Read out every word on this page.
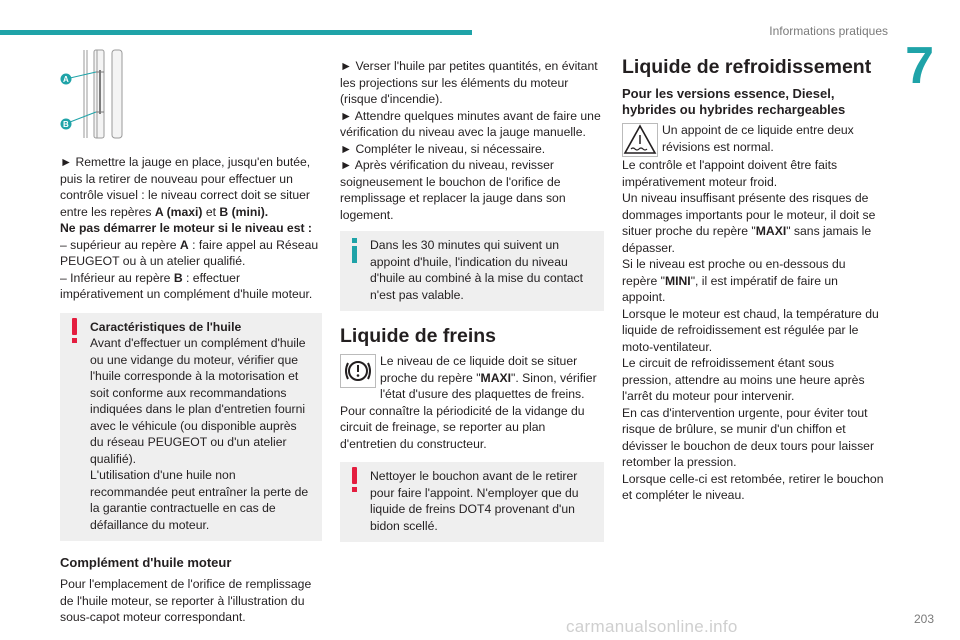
Informations pratiques
7
A
B

► Remettre la jauge en place, jusqu'en butée, puis la retirer de nouveau pour effectuer un contrôle visuel : le niveau correct doit se situer entre les repères A (maxi) et B (mini).

Ne pas démarrer le moteur si le niveau est :

– supérieur au repère A : faire appel au Réseau PEUGEOT ou à un atelier qualifié.

– Inférieur au repère B : effectuer impérativement un complément d'huile moteur.

Caractéristiques de l'huile
Avant d'effectuer un complément d'huile ou une vidange du moteur, vérifier que l'huile corresponde à la motorisation et soit conforme aux recommandations indiquées dans le plan d'entretien fourni avec le véhicule (ou disponible auprès du réseau PEUGEOT ou d'un atelier qualifié).
L'utilisation d'une huile non recommandée peut entraîner la perte de la garantie contractuelle en cas de défaillance du moteur.
Complément d'huile moteur

Pour l'emplacement de l'orifice de remplissage de l'huile moteur, se reporter à l'illustration du sous-capot moteur correspondant.

► Verser l'huile par petites quantités, en évitant les projections sur les éléments du moteur (risque d'incendie).

► Attendre quelques minutes avant de faire une vérification du niveau avec la jauge manuelle.

► Compléter le niveau, si nécessaire.

► Après vérification du niveau, revisser soigneusement le bouchon de l'orifice de remplissage et replacer la jauge dans son logement.

Dans les 30 minutes qui suivent un appoint d'huile, l'indication du niveau d'huile au combiné à la mise du contact n'est pas valable.
Liquide de freins

Le niveau de ce liquide doit se situer proche du repère "MAXI". Sinon, vérifier l'état d'usure des plaquettes de freins.

Pour connaître la périodicité de la vidange du circuit de freinage, se reporter au plan d'entretien du constructeur.

Nettoyer le bouchon avant de le retirer pour faire l'appoint. N'employer que du liquide de freins DOT4 provenant d'un bidon scellé.
Liquide de refroidissement
Pour les versions essence, Diesel, hybrides ou hybrides rechargeables

Un appoint de ce liquide entre deux révisions est normal.

Le contrôle et l'appoint doivent être faits impérativement moteur froid.

Un niveau insuffisant présente des risques de dommages importants pour le moteur, il doit se situer proche du repère "MAXI" sans jamais le dépasser.

Si le niveau est proche ou en-dessous du repère "MINI", il est impératif de faire un appoint.

Lorsque le moteur est chaud, la température du liquide de refroidissement est régulée par le moto-ventilateur.

Le circuit de refroidissement étant sous pression, attendre au moins une heure après l'arrêt du moteur pour intervenir.

En cas d'intervention urgente, pour éviter tout risque de brûlure, se munir d'un chiffon et dévisser le bouchon de deux tours pour laisser retomber la pression.

Lorsque celle-ci est retombée, retirer le bouchon et compléter le niveau.

carmanualsonline.info	203
